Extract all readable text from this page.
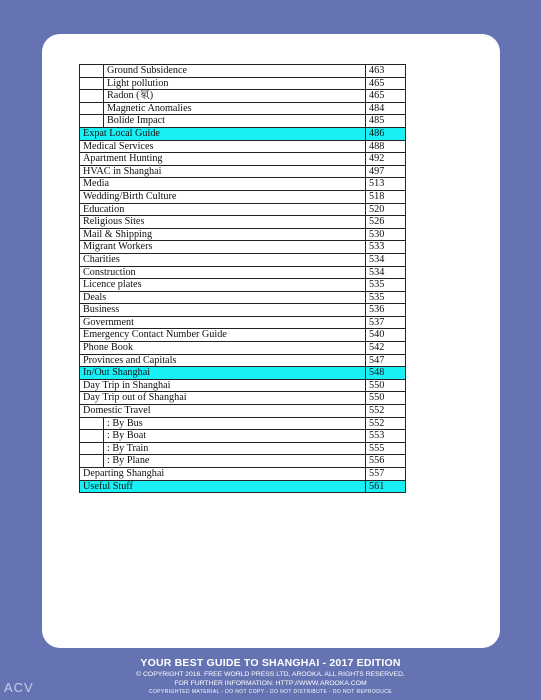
	Ground Subsidence	463
	Light pollution	465
	Radon (氡)	465
	Magnetic Anomalies	484
	Bolide Impact	485
Expat Local Guide		486
Medical Services		488
Apartment Hunting		492
HVAC in Shanghai		497
Media		513
Wedding/Birth Culture		518
Education		520
Religious Sites		526
Mail & Shipping		530
Migrant Workers		533
Charities		534
Construction		534
Licence plates		535
Deals		535
Business		536
Government		537
Emergency Contact Number Guide		540
Phone Book		542
Provinces and Capitals		547
In/Out Shanghai		548
Day Trip in Shanghai		550
Day Trip out of Shanghai		550
Domestic Travel		552
	: By Bus	552
	: By Boat	553
	: By Train	555
	: By Plane	556
Departing Shanghai		557
Useful Stuff		561
YOUR BEST GUIDE TO SHANGHAI - 2017 EDITION
© COPYRIGHT 2016. FREE WORLD PRESS LTD, AROOKA. ALL RIGHTS RESERVED.
FOR FURTHER INFORMATION: HTTP://WWW.AROOKA.COM
COPYRIGHTED MATERIAL - DO NOT COPY - DO NOT DISTRIBUTE - DO NOT REPRODUCE
ACV
